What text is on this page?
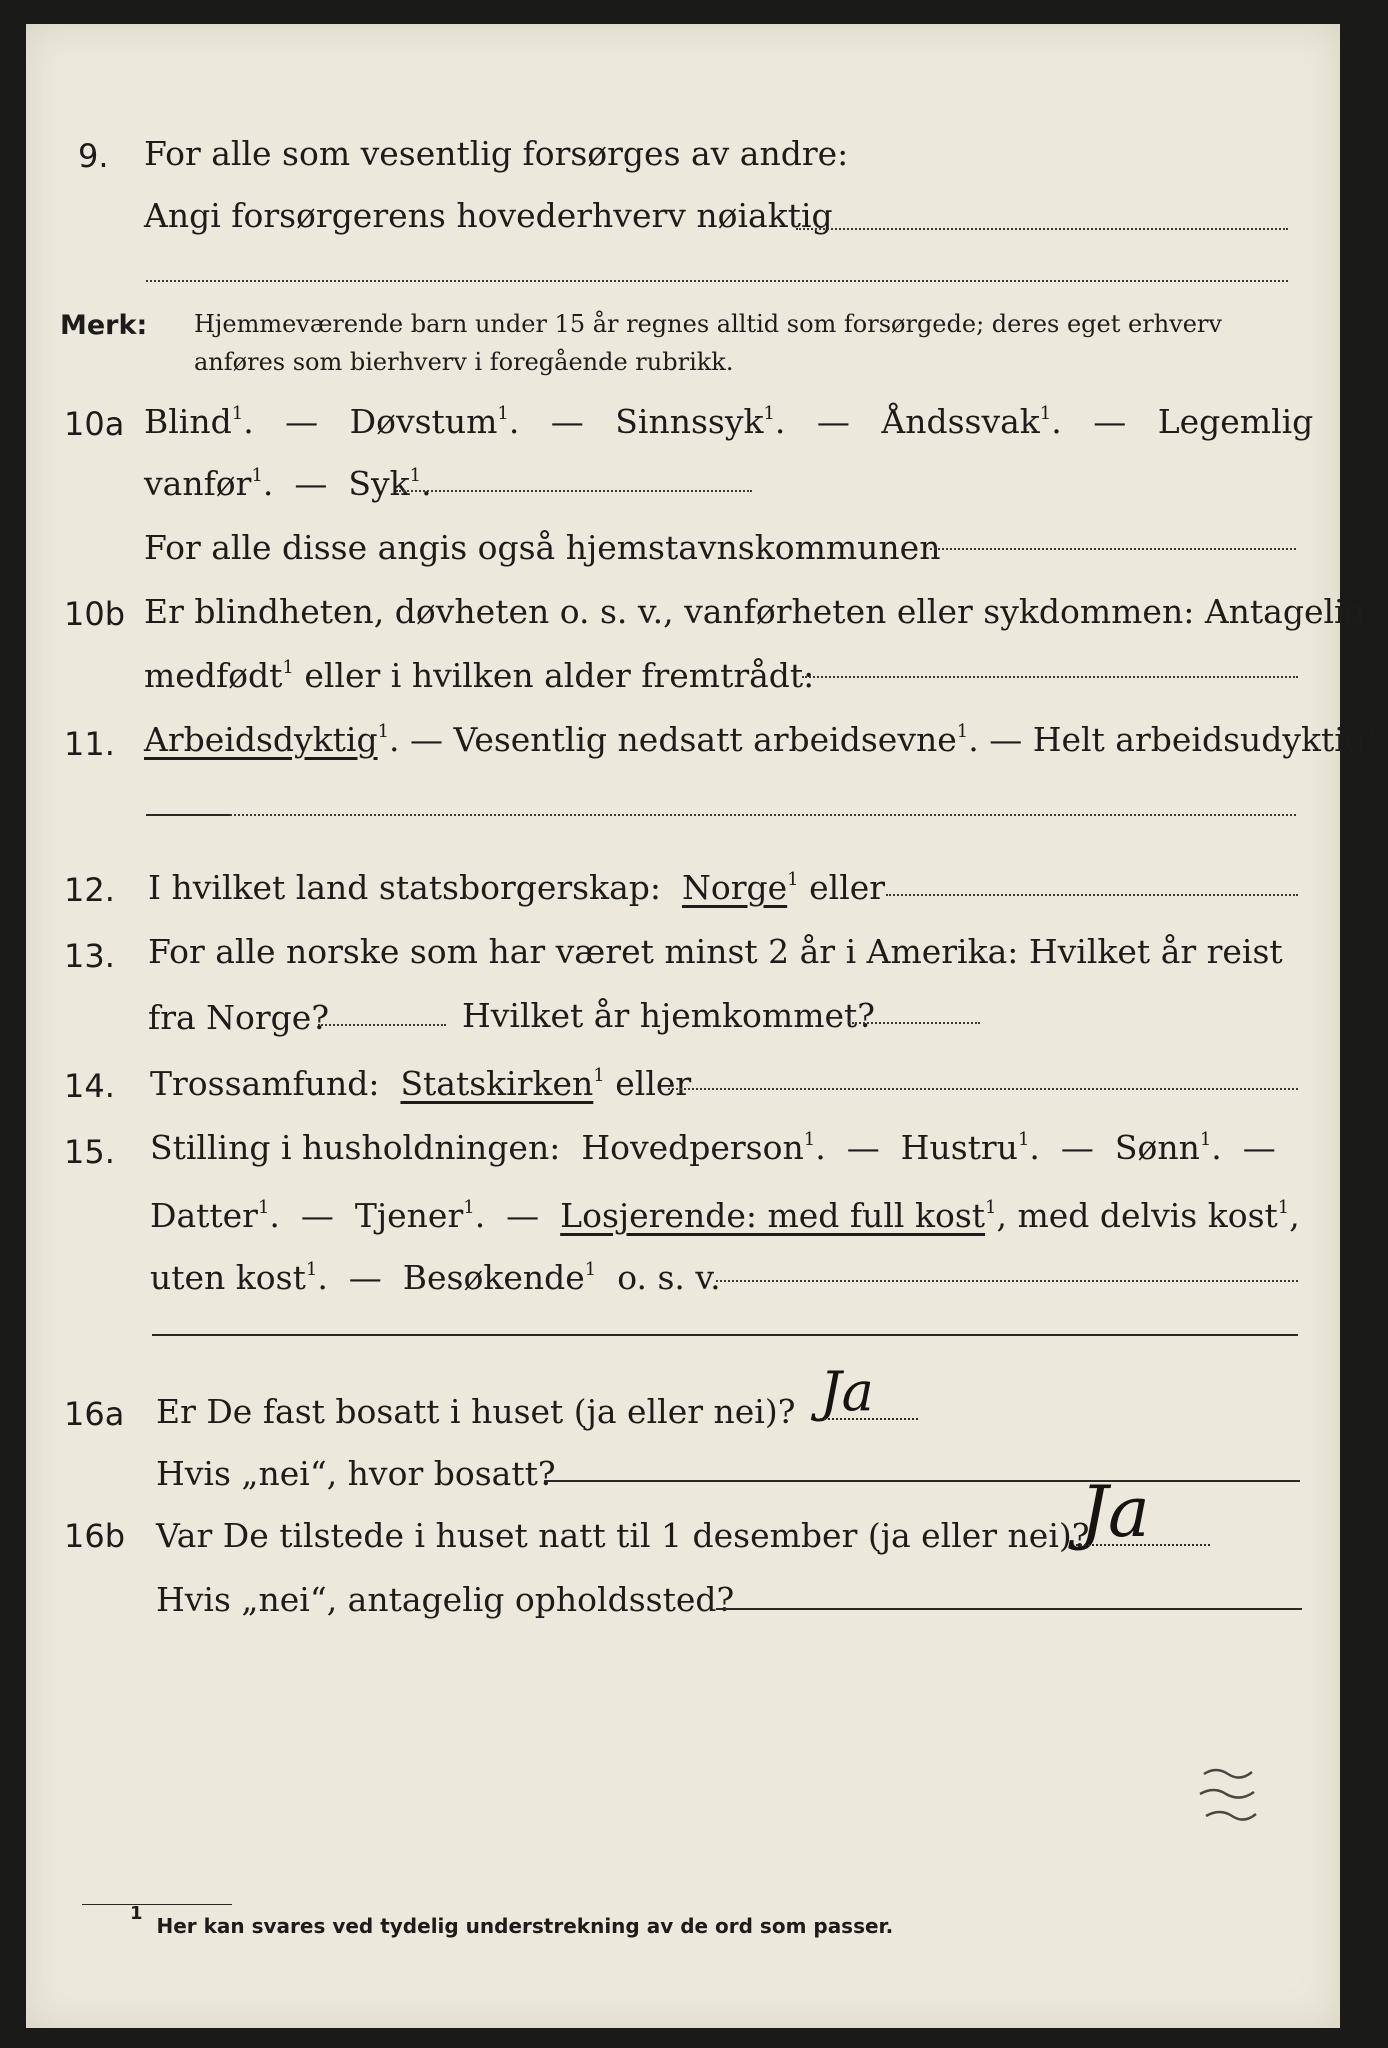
9. For alle som vesentlig forsørges av andre:
Angi forsørgerens hovederhverv nøiaktig
Merk: Hjemmeværende barn under 15 år regnes alltid som forsørgede; deres eget erhverv
anføres som bierhverv i foregående rubrikk.
10a Blind$^1$.   — Døvstum$^1$.   — Sinnssyk$^1$.   — Åndssvak$^1$.   — Legemlig
vanfør$^1$.  — Syk$^1$.
For alle disse angis også hjemstavnskommunen
10b Er blindheten, døvheten o. s. v., vanførheten eller sykdommen: Antagelig
medfødt$^1$ eller i hvilken alder fremtrådt:
11. Arbeidsdyktig$^1$. — Vesentlig nedsatt arbeidsevne$^1$. — Helt arbeidsudyktig$^1$.
12. I hvilket land statsborgerskap: Norge$^1$ eller
13. For alle norske som har været minst 2 år i Amerika: Hvilket år reist
fra Norge?	Hvilket år hjemkommet?
14. Trossamfund: Statskirken$^1$ eller
15. Stilling i husholdningen: Hovedperson$^1$.  — Hustru$^1$.  — Sønn$^1$.  —
Datter$^1$.  — Tjener$^1$.  — Losjerende: med full kost$^1$, med delvis kost$^1$,
uten kost$^1$.  — Besøkende$^1$ o. s. v.
16a Er De fast bosatt i huset (ja eller nei)? Ja
Hvis „nei“, hvor bosatt?
16b Var De tilstede i huset natt til 1 desember (ja eller nei)?
Ja
Hvis „nei“, antagelig opholdssted?
$^1$  Her kan svares ved tydelig understrekning av de ord som passer.
